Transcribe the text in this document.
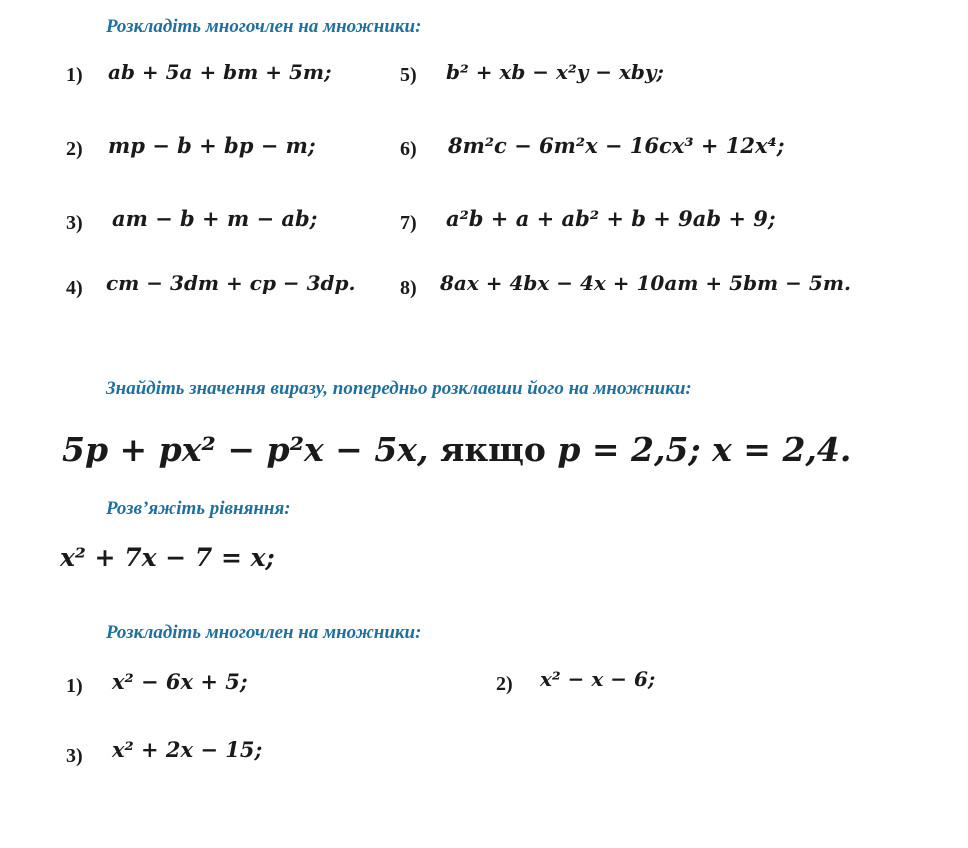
Розкладіть многочлен на множники:
1) ab + 5a + bm + 5m;
2) mp − b + bp − m;
3) am − b + m − ab;
4) cm − 3dm + cp − 3dp.
5) b² + xb − x²y − xby;
6) 8m²c − 6m²x − 16cx³ + 12x⁴;
7) a²b + a + ab² + b + 9ab + 9;
8) 8ax + 4bx − 4x + 10am + 5bm − 5m.
Знайдіть значення виразу, попередньо розклавши його на множники:
5p + px² − p²x − 5x, якщо p = 2,5; x = 2,4.
Розв’яжіть рівняння:
x² + 7x − 7 = x;
Розкладіть многочлен на множники:
1) x² − 6x + 5;	2) x² − x − 6;
3) x² + 2x − 15;
